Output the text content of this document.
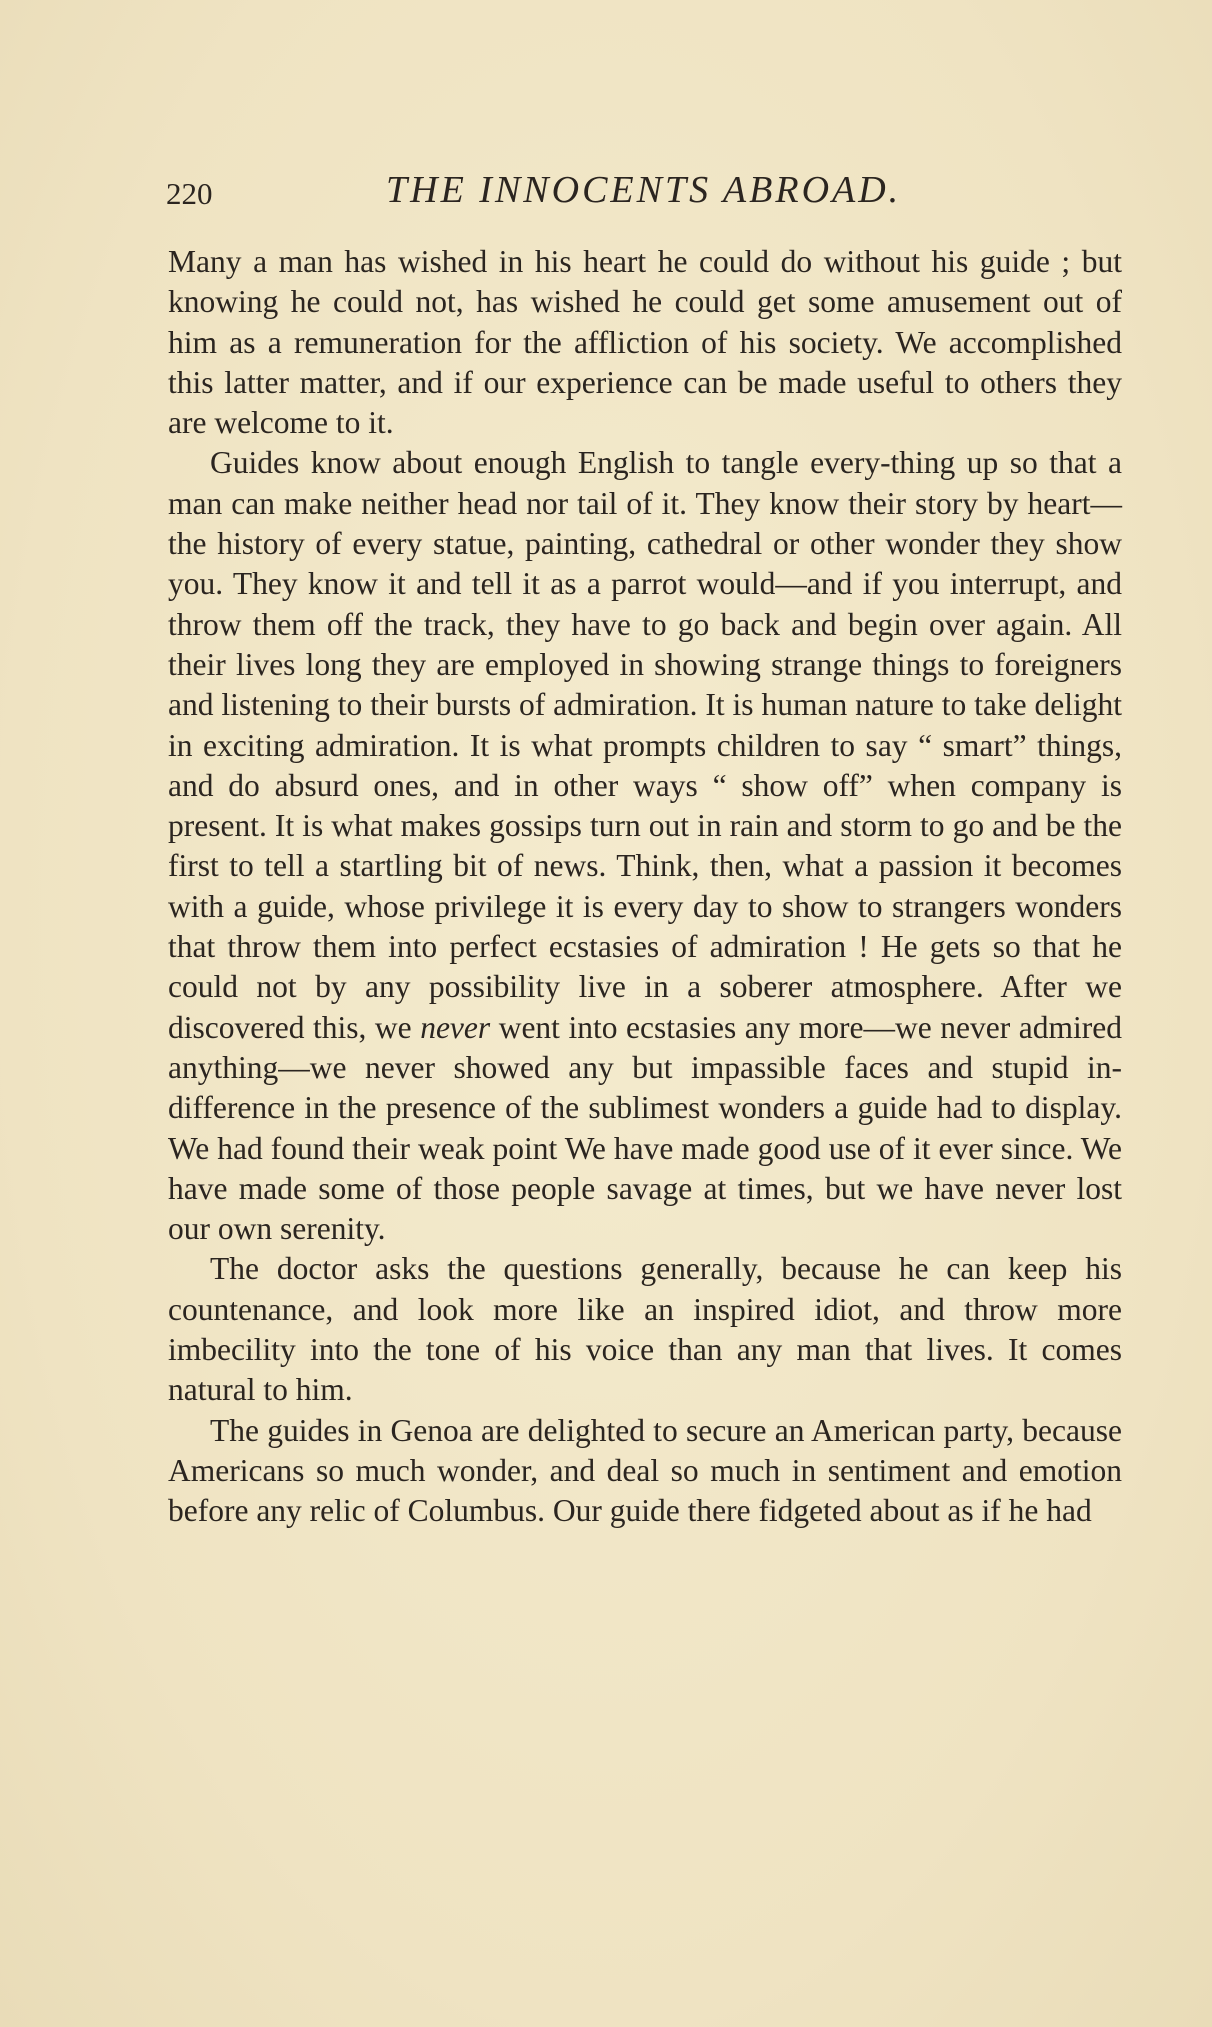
220	THE INNOCENTS ABROAD.

Many a man has wished in his heart he could do without his guide ; but knowing he could not, has wished he could get some amusement out of him as a remuneration for the affliction of his society. We accomplished this latter matter, and if our experience can be made useful to others they are welcome to it.

Guides know about enough English to tangle every-thing up so that a man can make neither head nor tail of it. They know their story by heart—the history of every statue, painting, cathedral or other wonder they show you. They know it and tell it as a parrot would—and if you interrupt, and throw them off the track, they have to go back and begin over again. All their lives long they are employed in showing strange things to foreigners and listening to their bursts of admiration. It is human nature to take delight in exciting admiration. It is what prompts children to say “ smart” things, and do absurd ones, and in other ways “ show off” when company is present. It is what makes gossips turn out in rain and storm to go and be the first to tell a startling bit of news. Think, then, what a passion it becomes with a guide, whose privilege it is every day to show to strangers wonders that throw them into perfect ecstasies of admiration ! He gets so that he could not by any possibility live in a soberer atmosphere. After we discovered this, we never went into ecstasies any more—we never admired anything—we never showed any but impassible faces and stupid in-difference in the presence of the sublimest wonders a guide had to display. We had found their weak point We have made good use of it ever since. We have made some of those people savage at times, but we have never lost our own serenity.

The doctor asks the questions generally, because he can keep his countenance, and look more like an inspired idiot, and throw more imbecility into the tone of his voice than any man that lives. It comes natural to him.

The guides in Genoa are delighted to secure an American party, because Americans so much wonder, and deal so much in sentiment and emotion before any relic of Columbus. Our guide there fidgeted about as if he had
